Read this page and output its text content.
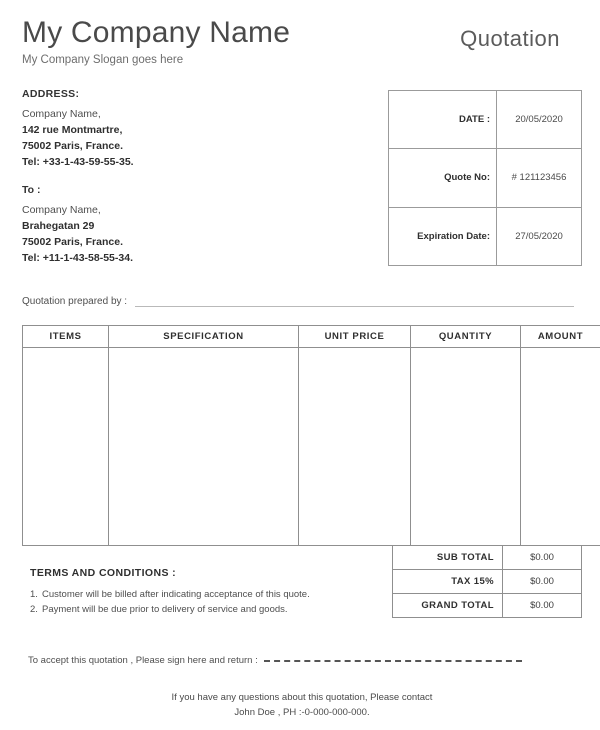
My Company Name
My Company Slogan goes here
Quotation
ADDRESS:
Company Name,
142 rue Montmartre,
75002 Paris, France.
Tel: +33-1-43-59-55-35.
To :
Company Name,
Brahegatan 29
75002 Paris, France.
Tel: +11-1-43-58-55-34.
DATE :	20/05/2020
Quote No:	# 121123456
Expiration Date:	27/05/2020
Quotation prepared by :
ITEMS	SPECIFICATION	UNIT PRICE	QUANTITY	AMOUNT

SUB TOTAL	$0.00
TAX 15%	$0.00
GRAND TOTAL	$0.00
TERMS AND CONDITIONS :
1. Customer will be billed after indicating acceptance of this quote.
2. Payment will be due prior to delivery of service and goods.
To accept this quotation , Please sign here and return :
If you have any questions about this quotation, Please contact
John Doe , PH :-0-000-000-000.
